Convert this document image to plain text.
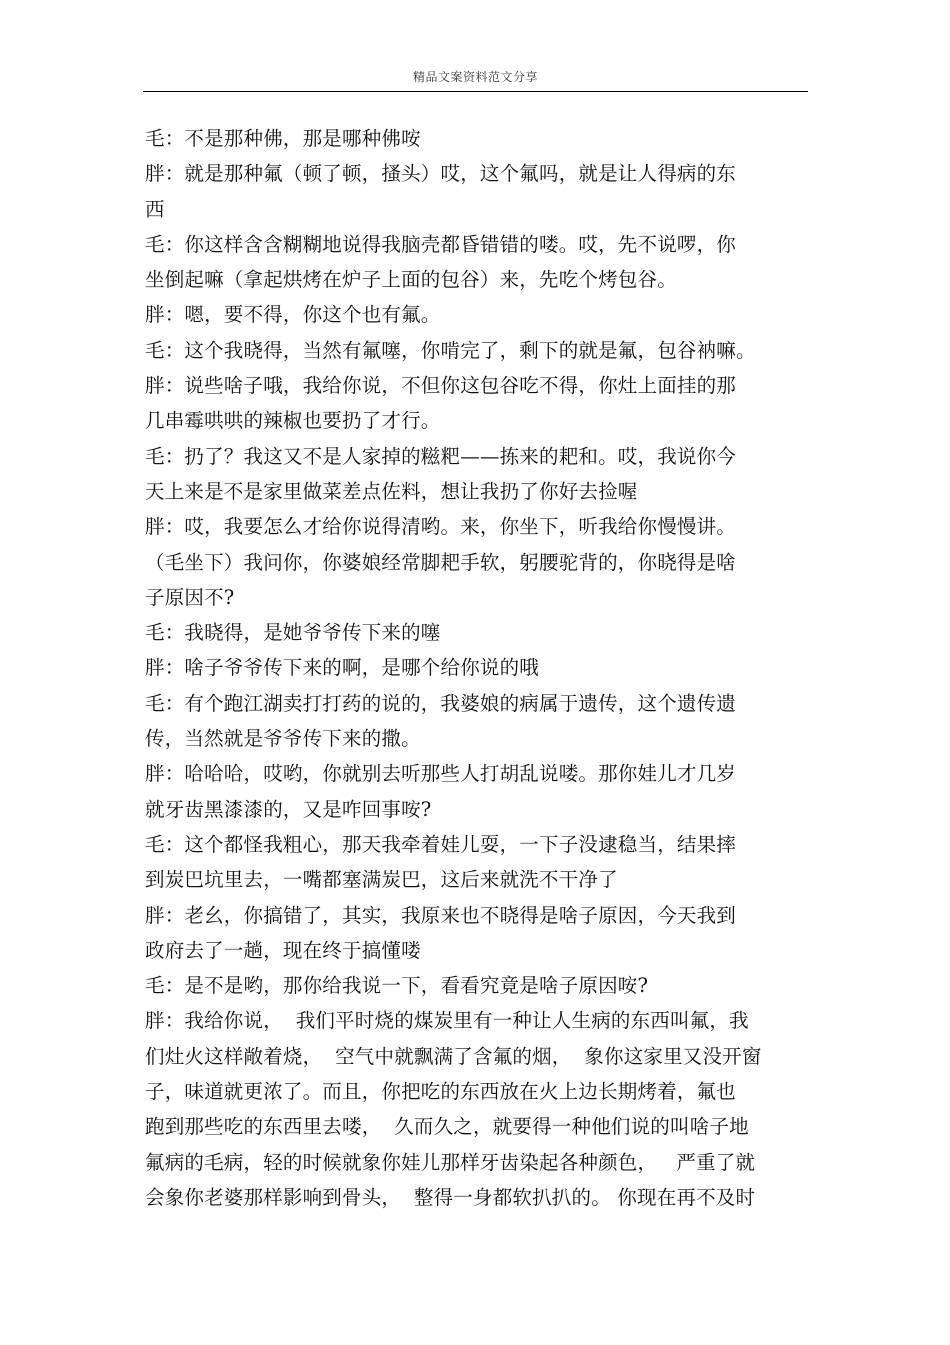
精品文案资料范文分享
毛：不是那种佛，那是哪种佛咹
胖：就是那种氟（顿了顿，搔头）哎，这个氟吗，就是让人得病的东
西
毛：你这样含含糊糊地说得我脑壳都昏错错的喽。哎，先不说啰，你
坐倒起嘛（拿起烘烤在炉子上面的包谷）来，先吃个烤包谷。
胖：嗯，要不得，你这个也有氟。
毛：这个我晓得，当然有氟噻，你啃完了，剩下的就是氟，包谷衲嘛。
胖：说些啥子哦，我给你说，不但你这包谷吃不得，你灶上面挂的那
几串霉哄哄的辣椒也要扔了才行。
毛：扔了？我这又不是人家掉的糍粑——拣来的耙和。哎，我说你今
天上来是不是家里做菜差点佐料，想让我扔了你好去捡喔
胖：哎，我要怎么才给你说得清哟。来，你坐下，听我给你慢慢讲。
（毛坐下）我问你，你婆娘经常脚耙手软，躬腰驼背的，你晓得是啥
子原因不?
毛：我晓得，是她爷爷传下来的噻
胖：啥子爷爷传下来的啊，是哪个给你说的哦
毛：有个跑江湖卖打打药的说的，我婆娘的病属于遗传，这个遗传遗
传，当然就是爷爷传下来的撒。
胖：哈哈哈，哎哟，你就别去听那些人打胡乱说喽。那你娃儿才几岁
就牙齿黑漆漆的，又是咋回事咹?
毛：这个都怪我粗心，那天我牵着娃儿耍，一下子没逮稳当，结果摔
到炭巴坑里去，一嘴都塞满炭巴，这后来就洗不干净了
胖：老幺，你搞错了，其实，我原来也不晓得是啥子原因，今天我到
政府去了一趟，现在终于搞懂喽
毛：是不是哟，那你给我说一下，看看究竟是啥子原因咹?
胖：我给你说，  我们平时烧的煤炭里有一种让人生病的东西叫氟，我
们灶火这样敞着烧，  空气中就飘满了含氟的烟，  象你这家里又没开窗
子，味道就更浓了。而且，你把吃的东西放在火上边长期烤着，氟也
跑到那些吃的东西里去喽，  久而久之，就要得一种他们说的叫啥子地
氟病的毛病，轻的时候就象你娃儿那样牙齿染起各种颜色，   严重了就
会象你老婆那样影响到骨头，  整得一身都软扒扒的。 你现在再不及时
